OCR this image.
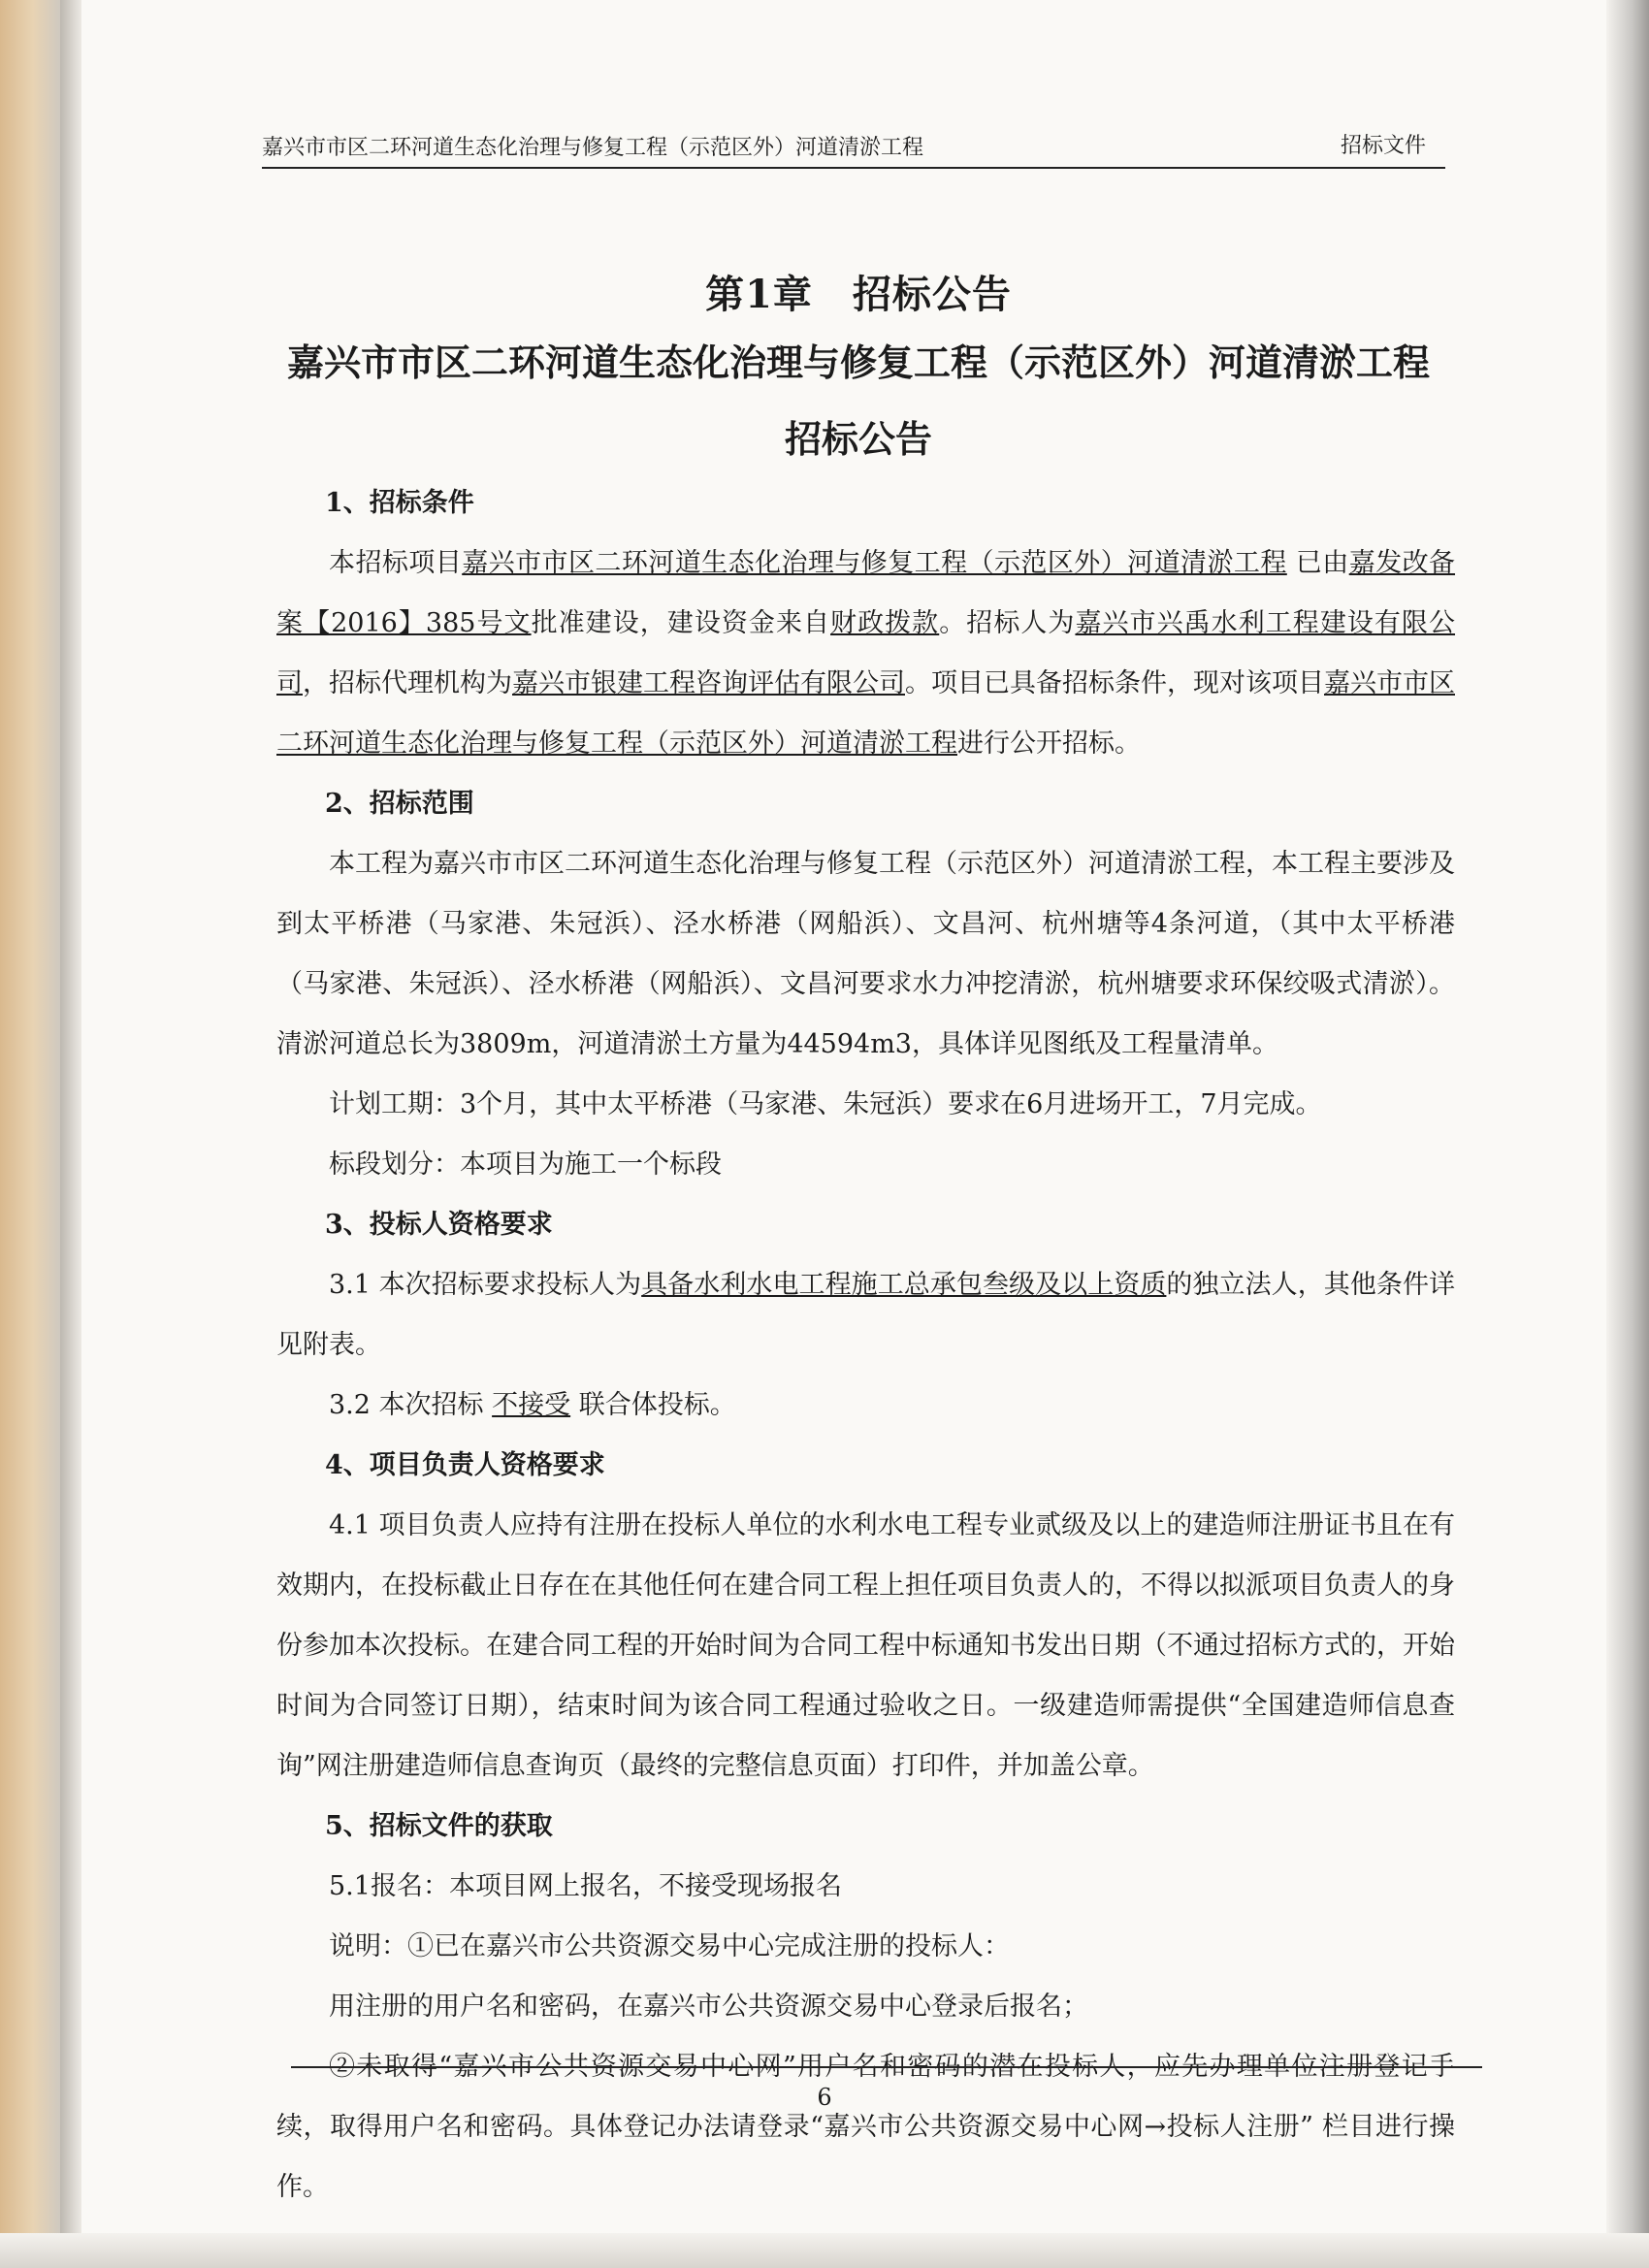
嘉兴市市区二环河道生态化治理与修复工程（示范区外）河道清淤工程	招标文件
第1章　招标公告
嘉兴市市区二环河道生态化治理与修复工程（示范区外）河道清淤工程
招标公告
1、招标条件
本招标项目嘉兴市市区二环河道生态化治理与修复工程（示范区外）河道清淤工程 已由嘉发改备案【2016】385号文批准建设，建设资金来自财政拨款。招标人为嘉兴市兴禹水利工程建设有限公司，招标代理机构为嘉兴市银建工程咨询评估有限公司。项目已具备招标条件，现对该项目嘉兴市市区二环河道生态化治理与修复工程（示范区外）河道清淤工程进行公开招标。
2、招标范围
本工程为嘉兴市市区二环河道生态化治理与修复工程（示范区外）河道清淤工程，本工程主要涉及到太平桥港（马家港、朱冠浜）、泾水桥港（网船浜）、文昌河、杭州塘等4条河道，（其中太平桥港（马家港、朱冠浜）、泾水桥港（网船浜）、文昌河要求水力冲挖清淤，杭州塘要求环保绞吸式清淤）。清淤河道总长为3809m，河道清淤土方量为44594m3，具体详见图纸及工程量清单。
计划工期：3个月，其中太平桥港（马家港、朱冠浜）要求在6月进场开工，7月完成。
标段划分：本项目为施工一个标段
3、投标人资格要求
3.1 本次招标要求投标人为具备水利水电工程施工总承包叁级及以上资质的独立法人，其他条件详见附表。
3.2 本次招标 不接受 联合体投标。
4、项目负责人资格要求
4.1 项目负责人应持有注册在投标人单位的水利水电工程专业贰级及以上的建造师注册证书且在有效期内，在投标截止日存在在其他任何在建合同工程上担任项目负责人的，不得以拟派项目负责人的身份参加本次投标。在建合同工程的开始时间为合同工程中标通知书发出日期（不通过招标方式的，开始时间为合同签订日期），结束时间为该合同工程通过验收之日。一级建造师需提供“全国建造师信息查询”网注册建造师信息查询页（最终的完整信息页面）打印件，并加盖公章。
5、招标文件的获取
5.1报名：本项目网上报名，不接受现场报名
说明：①已在嘉兴市公共资源交易中心完成注册的投标人：
用注册的用户名和密码，在嘉兴市公共资源交易中心登录后报名；
②未取得“嘉兴市公共资源交易中心网”用户名和密码的潜在投标人，应先办理单位注册登记手续，取得用户名和密码。具体登记办法请登录“嘉兴市公共资源交易中心网→投标人注册” 栏目进行操作。
6
